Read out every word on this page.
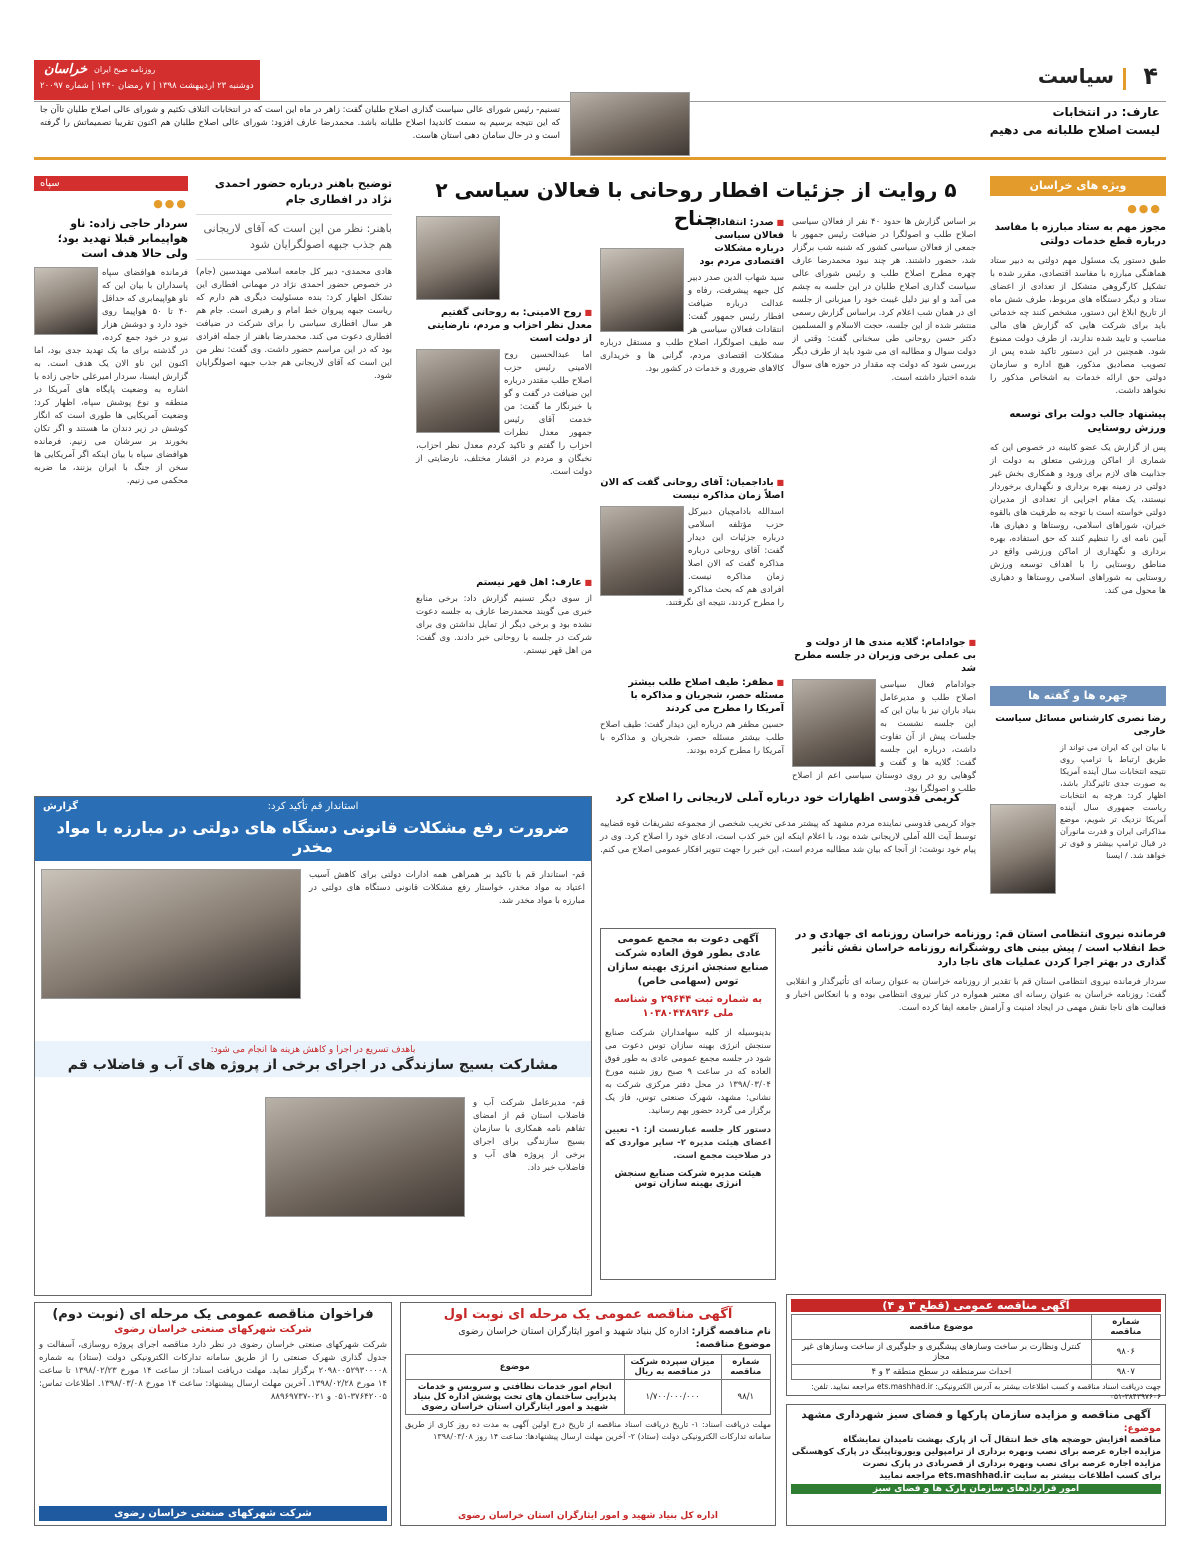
۴
سیاست
خراسان روزنامه صبح ایران
دوشنبه ۲۳ اردیبهشت ۱۳۹۸ | ۷ رمضان ۱۴۴۰ | شماره ۲۰۰۹۷
عارف: در انتخابات
لیست اصلاح طلبانه می دهیم
تسنیم- رئیس شورای عالی سیاست گذاری اصلاح طلبان گفت: زاهر در ماه این است که در انتخابات ائتلاف تکثیم و شورای عالی اصلاح طلبان تاآن جا که این نتیجه برسیم به سمت کاندیدا اصلاح طلبانه باشد. محمدرضا عارف افزود: شورای عالی اصلاح طلبان هم اکنون تقریبا تصمیماتش را گرفته است و در حال سامان دهی استان هاست.
ویژه های خراسان
●●●
مجوز مهم به ستاد مبارزه با مفاسد درباره قطع خدمات دولتی
طبق دستور یک مسئول مهم دولتی به دبیر ستاد هماهنگی مبارزه با مفاسد اقتصادی، مقرر شده با تشکیل کارگروهی متشکل از تعدادی از اعضای ستاد و دیگر دستگاه های مربوط، طرف شش ماه از تاریخ ابلاغ این دستور، مشخص کنند چه خدماتی باید برای شرکت هایی که گزارش های مالی مناسب و تایید شده ندارند، از طرف دولت ممنوع شود. همچنین در این دستور تاکید شده پس از تصویب مصادیق مذکور، هیچ اداره و سازمان دولتی حق ارائه خدمات به اشخاص مذکور را نخواهد داشت.
پیشنهاد جالب دولت برای توسعه ورزش روستایی
پس از گزارش یک عضو کابینه در خصوص این که شماری از اماکن ورزشی متعلق به دولت از جذابیت های لازم برای ورود و همکاری بخش غیر دولتی در زمینه بهره برداری و نگهداری برخوردار نیستند، یک مقام اجرایی از تعدادی از مدیران دولتی خواسته است با توجه به ظرفیت های بالقوه خیران، شوراهای اسلامی، روستاها و دهیاری ها، آیین نامه ای را تنظیم کنند که حق استفاده، بهره برداری و نگهداری از اماکن ورزشی واقع در مناطق روستایی را با اهداف توسعه ورزش روستایی به شوراهای اسلامی روستاها و دهیاری ها محول می کند.
چهره ها و گفته ها
رضا نصری کارشناس مسائل سیاست خارجی
با بیان این که ایران می تواند از طریق ارتباط با ترامپ روی نتیجه انتخابات سال آینده آمریکا به صورت جدی تاثیرگذار باشد، اظهار کرد: هرچه به انتخابات ریاست جمهوری سال آینده آمریکا نزدیک تر شویم، موضع مذاکراتی ایران و قدرت مانورآن در قبال ترامپ بیشتر و قوی تر خواهد شد. / ایسنا
۵ روایت از جزئیات افطار روحانی با فعالان سیاسی ۲ جناح	بر اساس گزارش ها حدود ۴۰ نفر از فعالان سیاسی اصلاح طلب و اصولگرا در ضیافت رئیس جمهور با جمعی از فعالان سیاسی کشور که شنبه شب برگزار شد، حضور داشتند. هر چند نبود محمدرضا عارف چهره مطرح اصلاح طلب و رئیس شورای عالی سیاست گذاری اصلاح طلبان در این جلسه به چشم می آمد و او نیز دلیل غیبت خود را میزبانی از جلسه ای در همان شب اعلام کرد. براساس گزارش رسمی منتشر شده از این جلسه، حجت الاسلام و المسلمین دکتر حسن روحانی طی سخنانی گفت: وقتی از دولت سوال و مطالبه ای می شود باید از طرف دیگر بررسی شود که دولت چه مقدار در حوزه های سوال شده اختیار داشته است.
■ جوادامام: گلایه مندی ها از دولت و بی عملی برخی وزیران در جلسه مطرح شد
جوادامام فعال سیاسی اصلاح طلب و مدیرعامل بنیاد باران نیز با بیان این که این جلسه نشست به جلسات پیش از آن تفاوت داشت، درباره این جلسه گفت: گلایه ها و گفت و گوهایی رو در روی دوستان سیاسی اعم از اصلاح طلب و اصولگرا بود.
■ صدر: انتقادات فعالان سیاسی درباره مشکلات اقتصادی مردم بود
سید شهاب الدین صدر دبیر کل جبهه پیشرفت، رفاه و عدالت درباره ضیافت افطار رئیس جمهور گفت: انتقادات فعالان سیاسی هر سه طیف اصولگرا، اصلاح طلب و مستقل درباره مشکلات اقتصادی مردم، گرانی ها و خریداری کالاهای ضروری و خدمات در کشور بود.
■ باداجمیان: آقای روحانی گفت که الان اصلاً زمان مذاکره نیست
اسدالله بادامچیان دبیرکل حزب مؤتلفه اسلامی درباره جزئیات این دیدار گفت: آقای روحانی درباره مذاکره گفت که الان اصلا زمان مذاکره نیست. افرادی هم که بحث مذاکره را مطرح کردند، نتیجه ای نگرفتند.
■ مظفر: طیف اصلاح طلب بیشتر مسئله حصر، شجریان و مذاکره با آمریکا را مطرح می کردند
حسین مظفر هم درباره این دیدار گفت: طیف اصلاح طلب بیشتر مسئله حصر، شجریان و مذاکره با آمریکا را مطرح کرده بودند.
■ روح الامینی: به روحانی گفتیم معدل نظر احزاب و مردم، نارضایتی از دولت است
اما عبدالحسین روح الامینی رئیس حزب اصلاح طلب مقتدر درباره این ضیافت در گفت و گو با خبرنگار ما گفت: من خدمت آقای رئیس جمهور معدل نظرات احزاب را گفتم و تاکید کردم معدل نظر احزاب، نخبگان و مردم در اقشار مختلف، نارضایتی از دولت است.
■ عارف: اهل قهر نیستم
از سوی دیگر تسنیم گزارش داد: برخی منابع خبری می گویند محمدرضا عارف به جلسه دعوت نشده بود و برخی دیگر از تمایل نداشتن وی برای شرکت در جلسه با روحانی خبر دادند. وی گفت: من اهل قهر نیستم.
توضیح باهنر درباره حضور احمدی نژاد در افطاری جام
باهنر: نظر من این است که آقای لاریجانی هم جذب جبهه اصولگرایان شود
هادی محمدی- دبیر کل جامعه اسلامی مهندسین (جام) در خصوص حضور احمدی نژاد در مهمانی افطاری این تشکل اظهار کرد: بنده مسئولیت دیگری هم دارم که ریاست جبهه پیروان خط امام و رهبری است. جام هم هر سال افطاری سیاسی را برای شرکت در ضیافت افطاری دعوت می کند. محمدرضا باهنر از جمله افرادی بود که در این مراسم حضور داشت. وی گفت: نظر من این است که آقای لاریجانی هم جذب جبهه اصولگرایان شود.
سپاه
●●●
سردار حاجی زاده: ناو هواپیمابر قبلا تهدید بود؛ ولی حالا هدف است
فرمانده هوافضای سپاه پاسداران با بیان این که ناو هواپیمابری که حداقل ۴۰ تا ۵۰ هواپیما روی خود دارد و دوشش هزار نیرو در خود جمع کرده، در گذشته برای ما یک تهدید جدی بود، اما اکنون این ناو الان یک هدف است. به گزارش ایسنا، سردار امیرعلی حاجی زاده با اشاره به وضعیت پایگاه های آمریکا در منطقه و نوع پوشش سپاه، اظهار کرد: وضعیت آمریکایی ها طوری است که انگار کوشش در زیر دندان ما هستند و اگر تکان بخورند بر سرشان می زنیم. فرمانده هوافضای سپاه با بیان اینکه اگر آمریکایی ها سخن از جنگ با ایران بزنند، ما ضربه محکمی می زنیم.
کریمی قدوسی اظهارات خود درباره آملی لاریجانی را اصلاح کرد
جواد کریمی قدوسی نماینده مردم مشهد که پیشتر مدعی تخریب شخصی از مجموعه تشریفات قوه قضاییه توسط آیت الله آملی لاریجانی شده بود، با اعلام اینکه این خبر کذب است، ادعای خود را اصلاح کرد. وی در پیام خود نوشت: از آنجا که بیان شد مطالبه مردم است، این خبر را جهت تنویر افکار عمومی اصلاح می کنم.
گزارش	استاندار قم تأکید کرد:
ضرورت رفع مشکلات قانونی دستگاه های دولتی در مبارزه با مواد مخدر
قم- استاندار قم با تاکید بر همراهی همه ادارات دولتی برای کاهش آسیب اعتیاد به مواد مخدر، خواستار رفع مشکلات قانونی دستگاه های دولتی در مبارزه با مواد مخدر شد.
باهدف تسریع در اجرا و کاهش هزینه ها انجام می شود:
مشارکت بسیج سازندگی در اجرای برخی از پروژه های آب و فاضلاب قم
قم- مدیرعامل شرکت آب و فاضلاب استان قم از امضای تفاهم نامه همکاری با سازمان بسیج سازندگی برای اجرای برخی از پروژه های آب و فاضلاب خبر داد.
آگهی دعوت به مجمع عمومی عادی بطور فوق العاده شرکت صنایع سنجش انرژی بهینه سازان توس (سهامی خاص)
به شماره ثبت ۲۹۶۴۴ و شناسه ملی ۱۰۳۸۰۴۴۸۹۳۶
بدینوسیله از کلیه سهامداران شرکت صنایع سنجش انرژی بهینه سازان توس دعوت می شود در جلسه مجمع عمومی عادی به طور فوق العاده که در ساعت ۹ صبح روز شنبه مورخ ۱۳۹۸/۰۳/۰۴ در محل دفتر مرکزی شرکت به نشانی: مشهد، شهرک صنعتی توس، فاز یک برگزار می گردد حضور بهم رسانید.
دستور کار جلسه عبارتست از: ۱- تعیین اعضای هیئت مدیره ۲- سایر مواردی که در صلاحیت مجمع است.
هیئت مدیره شرکت صنایع سنجش انرژی بهینه سازان توس
فرمانده نیروی انتظامی استان قم: روزنامه خراسان روزنامه ای جهادی و در خط انقلاب است / پیش بینی های روشنگرانه روزنامه خراسان نقش تأثیر گذاری در بهتر اجرا کردن عملیات های ناجا دارد
سردار فرمانده نیروی انتظامی استان قم با تقدیر از روزنامه خراسان به عنوان رسانه ای تأثیرگذار و انقلابی گفت: روزنامه خراسان به عنوان رسانه ای معتبر همواره در کنار نیروی انتظامی بوده و با انعکاس اخبار و فعالیت های ناجا نقش مهمی در ایجاد امنیت و آرامش جامعه ایفا کرده است.
فراخوان مناقصه عمومی یک مرحله ای (نوبت دوم)
شرکت شهرکهای صنعتی خراسان رضوی
شرکت شهرکهای صنعتی خراسان رضوی در نظر دارد مناقصه اجرای پروژه روسازی، آسفالت و جدول گذاری شهرک صنعتی را از طریق سامانه تدارکات الکترونیکی دولت (ستاد) به شماره ۲۰۹۸۰۰۵۲۹۳۰۰۰۰۸ برگزار نماید. مهلت دریافت اسناد: از ساعت ۱۴ مورخ ۱۳۹۸/۰۲/۲۳ تا ساعت ۱۴ مورخ ۱۳۹۸/۰۲/۲۸. آخرین مهلت ارسال پیشنهاد: ساعت ۱۴ مورخ ۱۳۹۸/۰۳/۰۸. اطلاعات تماس: ۳۷۶۴۲۰۰۵-۰۵۱ و ۰۲۱-۸۸۹۶۹۷۳۷
شرکت شهرکهای صنعتی خراسان رضوی
آگهی مناقصه عمومی یک مرحله ای نوبت اول
نام مناقصه گزار: اداره کل بنیاد شهید و امور ایثارگران استان خراسان رضوی
موضوع مناقصه:
شماره مناقصه	میزان سپرده شرکت در مناقصه به ریال	موضوع
۹۸/۱	۱/۷۰۰/۰۰۰/۰۰۰	انجام امور خدمات نظافتی و سرویس و خدمات پذیرایی ساختمان های تحت پوشش اداره کل بنیاد شهید و امور ایثارگران استان خراسان رضوی
مهلت دریافت اسناد: ۱- تاریخ دریافت اسناد مناقصه از تاریخ درج اولین آگهی به مدت ده روز کاری از طریق سامانه تدارکات الکترونیکی دولت (ستاد) ۲- آخرین مهلت ارسال پیشنهادها: ساعت ۱۴ روز ۱۳۹۸/۰۳/۰۸
اداره کل بنیاد شهید و امور ایثارگران استان خراسان رضوی
آگهی مناقصه عمومی (قطع ۳ و ۴)
شماره مناقصه	موضوع مناقصه
۹۸۰۶	کنترل ونظارت بر ساخت وسازهای پیشگیری و جلوگیری از ساخت وسازهای غیر مجاز
۹۸۰۷	احداث سرمنطقه در سطح منطقه ۳ و ۴
جهت دریافت اسناد مناقصه و کسب اطلاعات بیشتر به آدرس الکترونیکی: ets.mashhad.ir مراجعه نمایید. تلفن: ۳۸۴۳۹۷۶۰۶-۰۵۱
آگهی مناقصه و مزایده سازمان پارکها و فضای سبز شهرداری مشهد
موضوع:
مناقصه افزایش حوضچه های خط انتقال آب از پارک بهشت تامیدان نمایشگاه
مزایده اجاره عرصه برای نصب وبهره برداری از ترامپولین ویوروتاپینگ در پارک کوهسنگی
مزایده اجاره عرصه برای نصب وبهره برداری از قصربادی در پارک نصرت
برای کسب اطلاعات بیشتر به سایت ets.mashhad.ir مراجعه نمایید
امور قراردادهای سازمان پارک ها و فضای سبز
